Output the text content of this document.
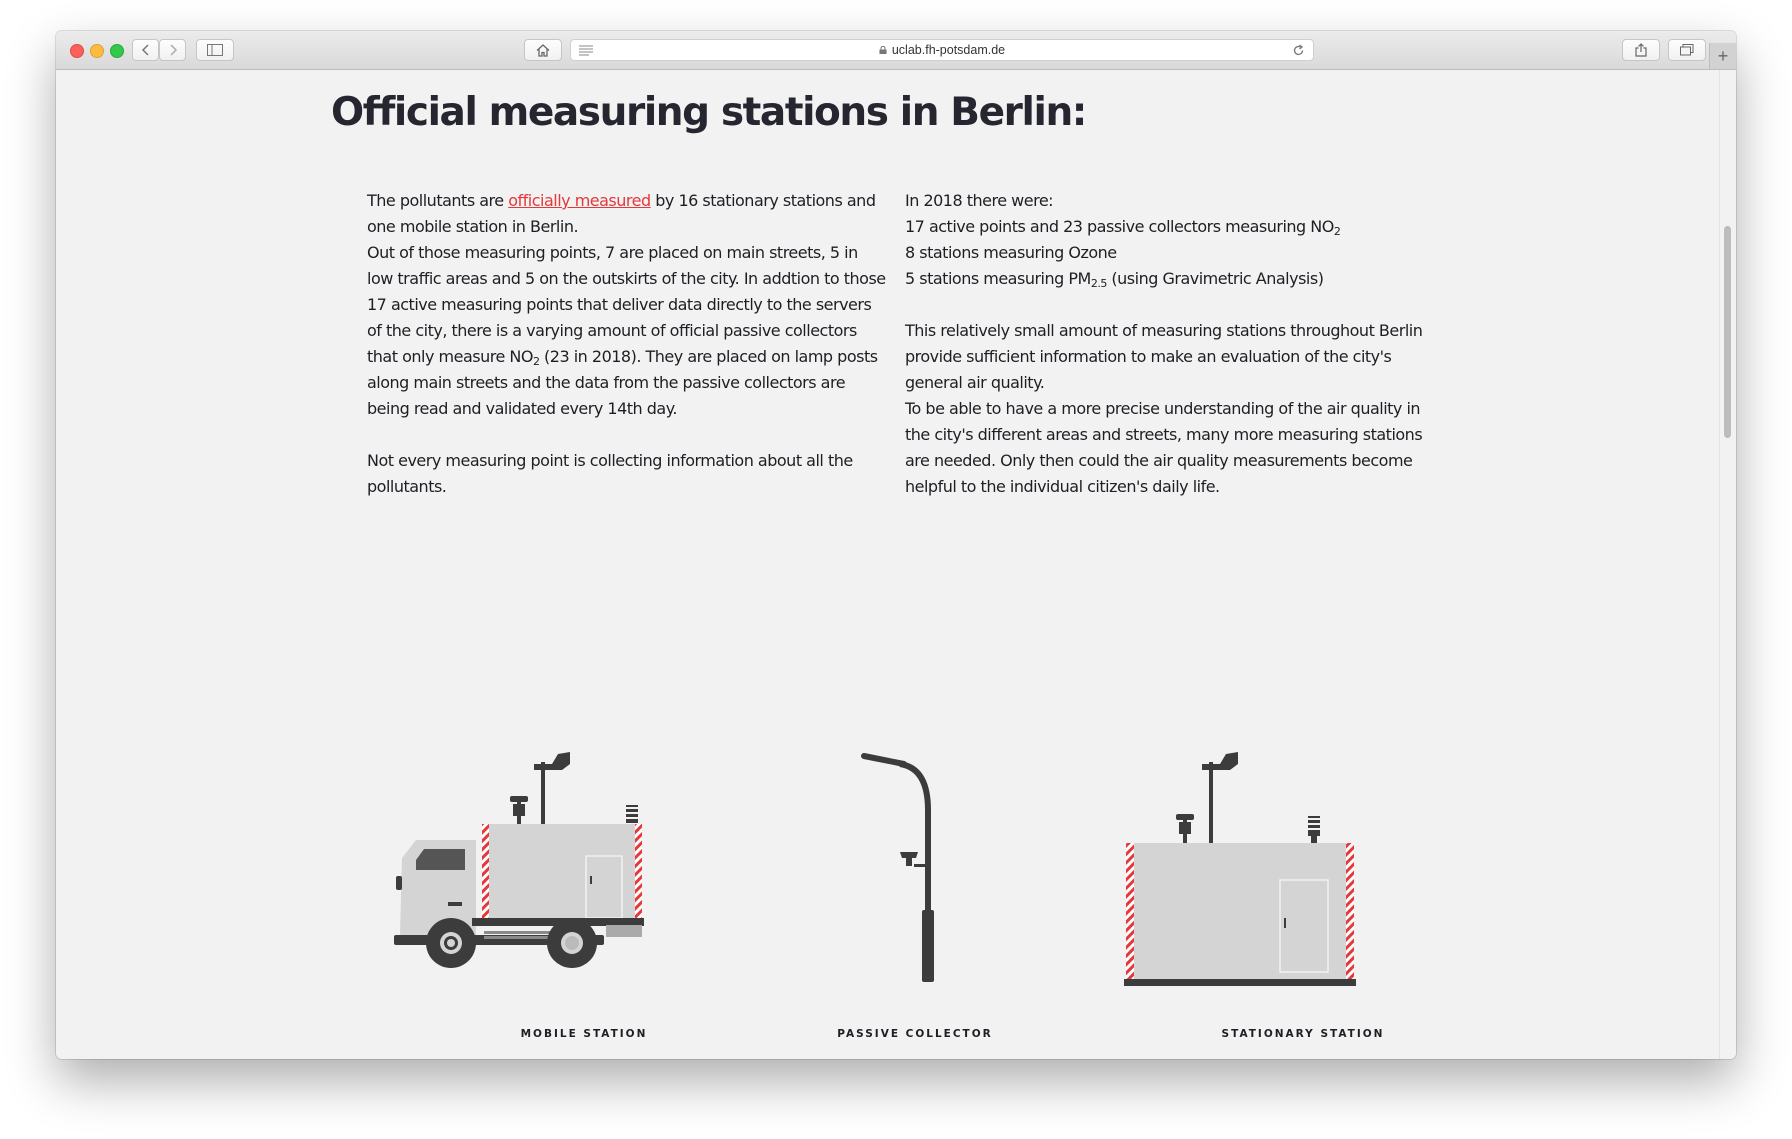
uclab.fh-potsdam.de	+
Official measuring stations in Berlin:

The pollutants are officially measured by 16 stationary stations and one mobile station in Berlin.

Out of those measuring points, 7 are placed on main streets, 5 in low traffic areas and 5 on the outskirts of the city. In addtion to those 17 active measuring points that deliver data directly to the servers of the city, there is a varying amount of official passive collectors that only measure $NO_2$ (23 in 2018). They are placed on lamp posts along main streets and the data from the passive collectors are being read and validated every 14th day.

Not every measuring point is collecting information about all the pollutants.

In 2018 there were:

17 active points and 23 passive collectors measuring $NO_2$

8 stations measuring Ozone

5 stations measuring $PM_{2.5}$ (using Gravimetric Analysis)

This relatively small amount of measuring stations throughout Berlin provide sufficient information to make an evaluation of the city's general air quality.

To be able to have a more precise understanding of the air quality in the city's different areas and streets, many more measuring stations are needed. Only then could the air quality measurements become helpful to the individual citizen's daily life.

MOBILE STATION	PASSIVE COLLECTOR	STATIONARY STATION
